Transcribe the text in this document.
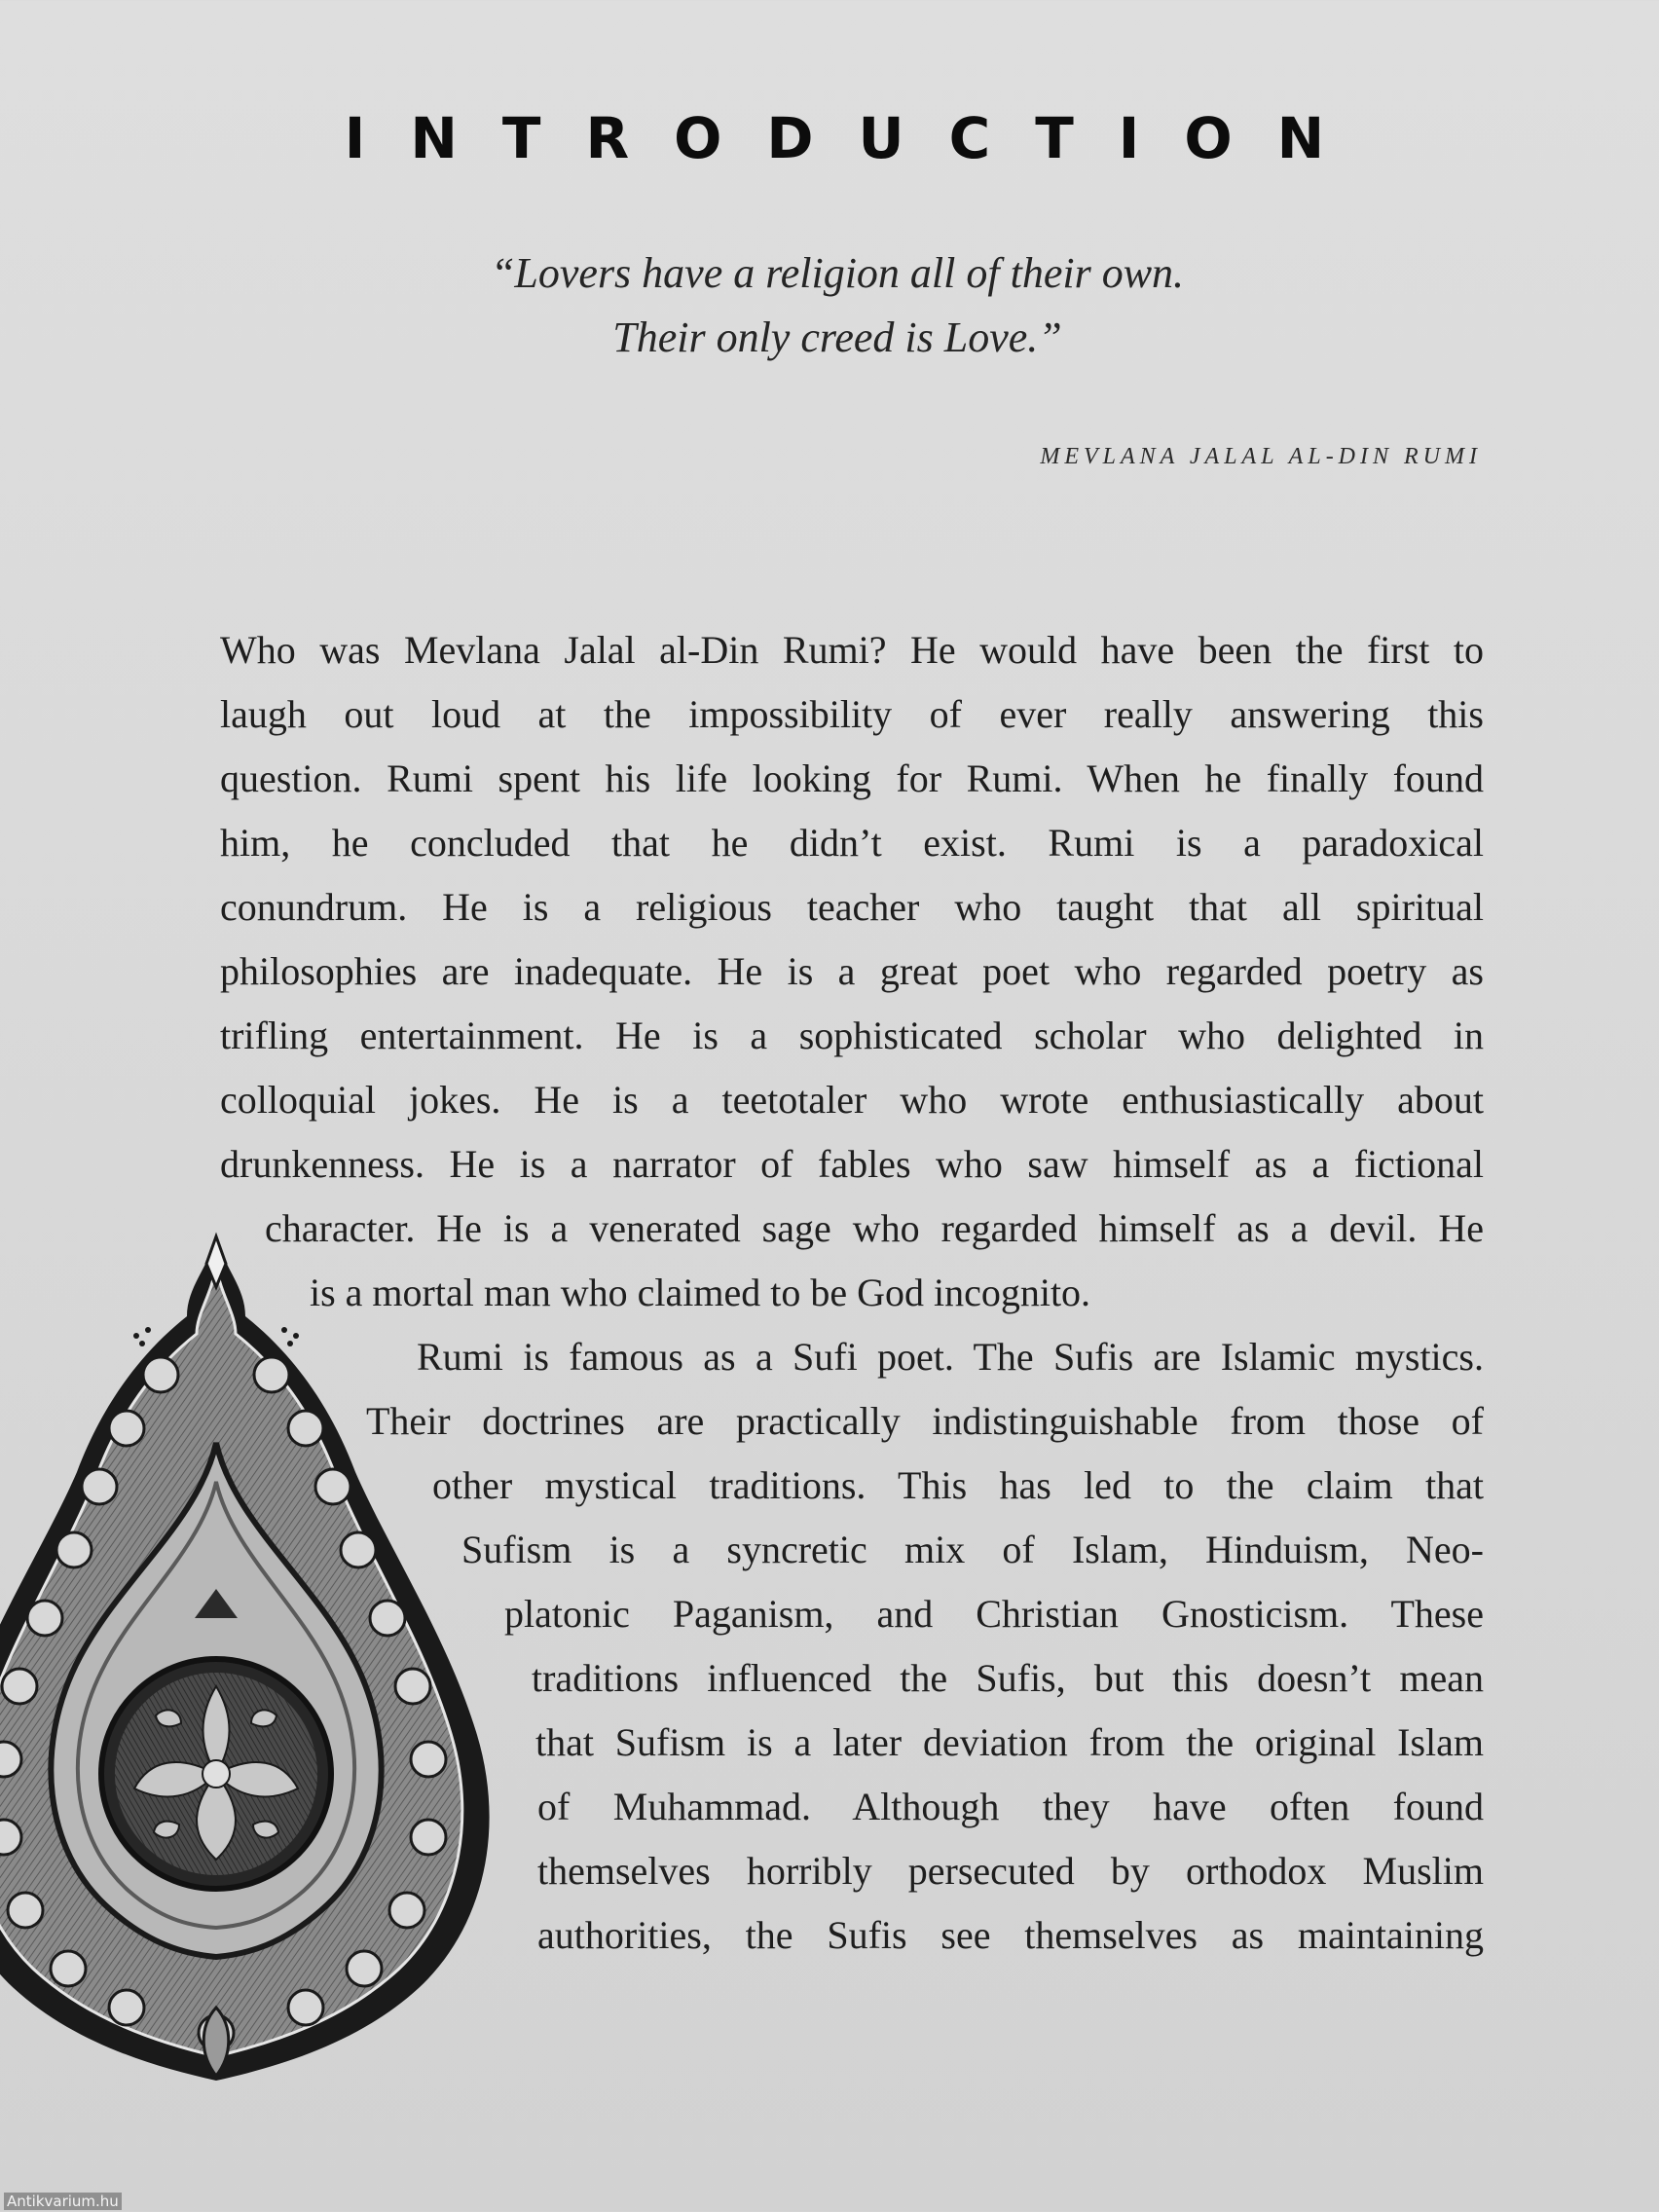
INTRODUCTION
“Lovers have a religion all of their own.
Their only creed is Love.”
MEVLANA JALAL AL-DIN RUMI
Who was Mevlana Jalal al-Din Rumi? He would have been the first to
laugh out loud at the impossibility of ever really answering this
question. Rumi spent his life looking for Rumi. When he finally found
him, he concluded that he didn’t exist. Rumi is a paradoxical
conundrum. He is a religious teacher who taught that all spiritual
philosophies are inadequate. He is a great poet who regarded poetry as
trifling entertainment. He is a sophisticated scholar who delighted in
colloquial jokes. He is a teetotaler who wrote enthusiastically about
drunkenness. He is a narrator of fables who saw himself as a fictional
character. He is a venerated sage who regarded himself as a devil. He
is a mortal man who claimed to be God incognito.
Rumi is famous as a Sufi poet. The Sufis are Islamic mystics.
Their doctrines are practically indistinguishable from those of
other mystical traditions. This has led to the claim that
Sufism is a syncretic mix of Islam, Hinduism, Neo-
platonic Paganism, and Christian Gnosticism. These
traditions influenced the Sufis, but this doesn’t mean
that Sufism is a later deviation from the original Islam
of Muhammad. Although they have often found
themselves horribly persecuted by orthodox Muslim
authorities, the Sufis see themselves as maintaining
Antikvarium.hu
